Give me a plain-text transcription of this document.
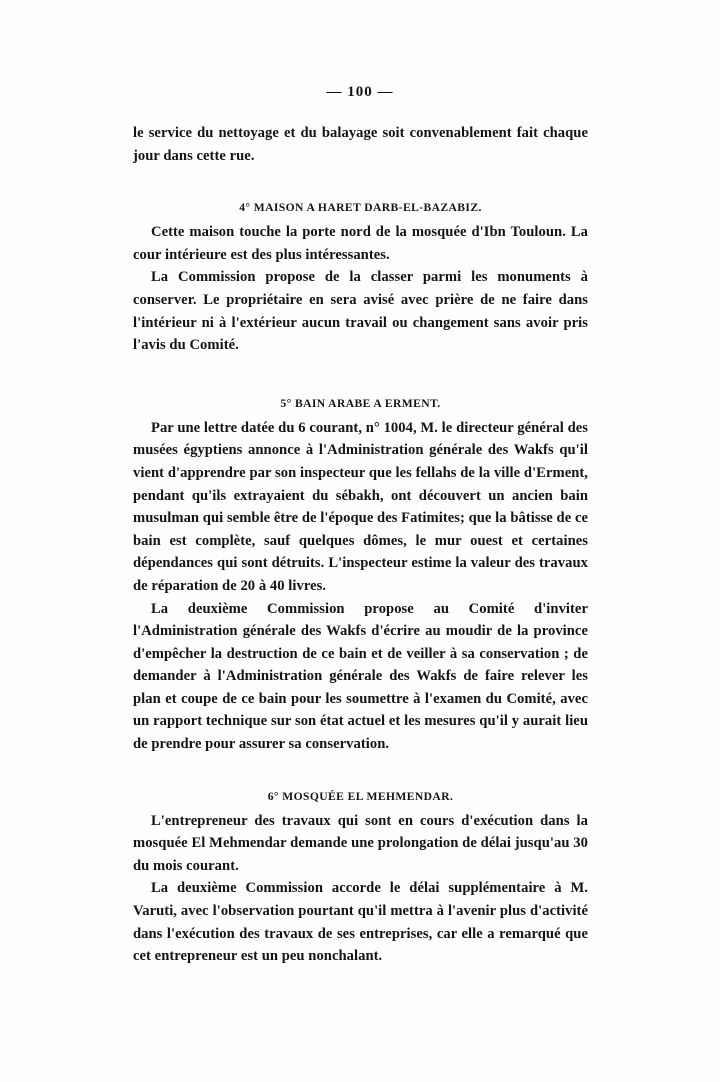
— 100 —

le service du nettoyage et du balayage soit convenablement fait chaque jour dans cette rue.

4° MAISON A HARET DARB-EL-BAZABIZ.

Cette maison touche la porte nord de la mosquée d'Ibn Touloun. La cour intérieure est des plus intéressantes.

La Commission propose de la classer parmi les monuments à conserver. Le propriétaire en sera avisé avec prière de ne faire dans l'intérieur ni à l'extérieur aucun travail ou changement sans avoir pris l'avis du Comité.

5° BAIN ARABE A ERMENT.

Par une lettre datée du 6 courant, n° 1004, M. le directeur général des musées égyptiens annonce à l'Administration générale des Wakfs qu'il vient d'apprendre par son inspecteur que les fellahs de la ville d'Erment, pendant qu'ils extrayaient du sébakh, ont découvert un ancien bain musulman qui semble être de l'époque des Fatimites; que la bâtisse de ce bain est complète, sauf quelques dômes, le mur ouest et certaines dépendances qui sont détruits. L'inspecteur estime la valeur des travaux de réparation de 20 à 40 livres.

La deuxième Commission propose au Comité d'inviter l'Administration générale des Wakfs d'écrire au moudir de la province d'empêcher la destruction de ce bain et de veiller à sa conservation ; de demander à l'Administration générale des Wakfs de faire relever les plan et coupe de ce bain pour les soumettre à l'examen du Comité, avec un rapport technique sur son état actuel et les mesures qu'il y aurait lieu de prendre pour assurer sa conservation.

6° MOSQUÉE EL MEHMENDAR.

L'entrepreneur des travaux qui sont en cours d'exécution dans la mosquée El Mehmendar demande une prolongation de délai jusqu'au 30 du mois courant.

La deuxième Commission accorde le délai supplémentaire à M. Varuti, avec l'observation pourtant qu'il mettra à l'avenir plus d'activité dans l'exécution des travaux de ses entreprises, car elle a remarqué que cet entrepreneur est un peu nonchalant.
